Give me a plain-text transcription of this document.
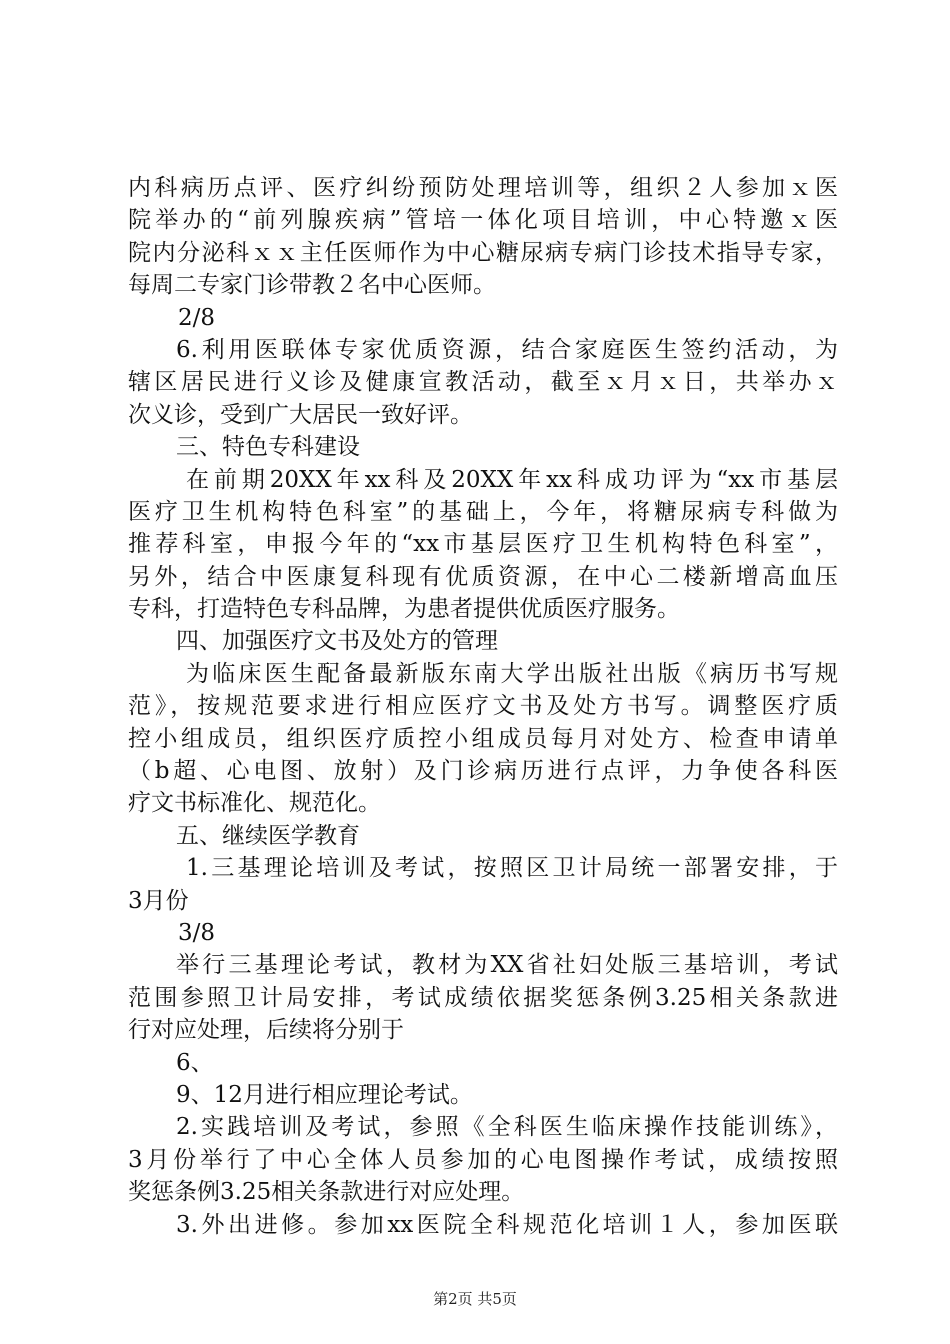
内科病历点评、医疗纠纷预防处理培训等，组织２人参加ｘ医
院举办的“前列腺疾病”管培一体化项目培训，中心特邀ｘ医
院内分泌科ｘｘ主任医师作为中心糖尿病专病门诊技术指导专家，
每周二专家门诊带教２名中心医师。
2/8
6.利用医联体专家优质资源，结合家庭医生签约活动，为
辖区居民进行义诊及健康宣教活动，截至ｘ月ｘ日，共举办ｘ
次义诊，受到广大居民一致好评。
三、特色专科建设
在前期20XX年xx科及20XX年xx科成功评为“xx市基层
医疗卫生机构特色科室”的基础上，今年，将糖尿病专科做为
推荐科室，申报今年的“xx市基层医疗卫生机构特色科室”，
另外，结合中医康复科现有优质资源，在中心二楼新增高血压
专科，打造特色专科品牌，为患者提供优质医疗服务。
四、加强医疗文书及处方的管理
为临床医生配备最新版东南大学出版社出版《病历书写规
范》，按规范要求进行相应医疗文书及处方书写。调整医疗质
控小组成员，组织医疗质控小组成员每月对处方、检查申请单
（b超、心电图、放射）及门诊病历进行点评，力争使各科医
疗文书标准化、规范化。
五、继续医学教育
1.三基理论培训及考试，按照区卫计局统一部署安排，于
3月份
3/8
举行三基理论考试，教材为XX省社妇处版三基培训，考试
范围参照卫计局安排，考试成绩依据奖惩条例3.25相关条款进
行对应处理，后续将分别于
6、
9、12月进行相应理论考试。
2.实践培训及考试，参照《全科医生临床操作技能训练》，
3月份举行了中心全体人员参加的心电图操作考试，成绩按照
奖惩条例3.25相关条款进行对应处理。
3.外出进修。参加xx医院全科规范化培训１人，参加医联
第2页 共5页
